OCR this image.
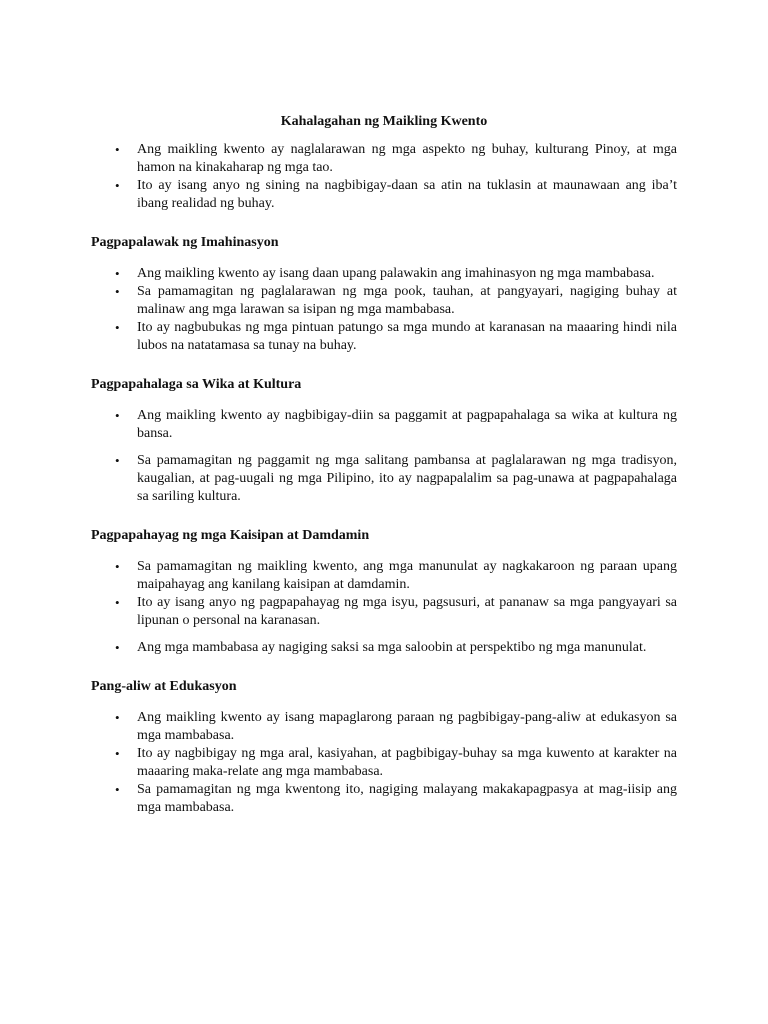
Kahalagahan ng Maikling Kwento
•	Ang maikling kwento ay naglalarawan ng mga aspekto ng buhay, kulturang Pinoy, at mga hamon na kinakaharap ng mga tao.
•	Ito ay isang anyo ng sining na nagbibigay-daan sa atin na tuklasin at maunawaan ang iba’t ibang realidad ng buhay.
Pagpapalawak ng Imahinasyon
•	Ang maikling kwento ay isang daan upang palawakin ang imahinasyon ng mga mambabasa.
•	Sa pamamagitan ng paglalarawan ng mga pook, tauhan, at pangyayari, nagiging buhay at malinaw ang mga larawan sa isipan ng mga mambabasa.
•	Ito ay nagbubukas ng mga pintuan patungo sa mga mundo at karanasan na maaaring hindi nila lubos na natatamasa sa tunay na buhay.
Pagpapahalaga sa Wika at Kultura
•	Ang maikling kwento ay nagbibigay-diin sa paggamit at pagpapahalaga sa wika at kultura ng bansa.
•	Sa pamamagitan ng paggamit ng mga salitang pambansa at paglalarawan ng mga tradisyon, kaugalian, at pag-uugali ng mga Pilipino, ito ay nagpapalalim sa pag-unawa at pagpapahalaga sa sariling kultura.
Pagpapahayag ng mga Kaisipan at Damdamin
•	Sa pamamagitan ng maikling kwento, ang mga manunulat ay nagkakaroon ng paraan upang maipahayag ang kanilang kaisipan at damdamin.
•	Ito ay isang anyo ng pagpapahayag ng mga isyu, pagsusuri, at pananaw sa mga pangyayari sa lipunan o personal na karanasan.
•	Ang mga mambabasa ay nagiging saksi sa mga saloobin at perspektibo ng mga manunulat.
Pang-aliw at Edukasyon
•	Ang maikling kwento ay isang mapaglarong paraan ng pagbibigay-pang-aliw at edukasyon sa mga mambabasa.
•	Ito ay nagbibigay ng mga aral, kasiyahan, at pagbibigay-buhay sa mga kuwento at karakter na maaaring maka-relate ang mga mambabasa.
•	Sa pamamagitan ng mga kwentong ito, nagiging malayang makakapagpasya at mag-iisip ang mga mambabasa.
